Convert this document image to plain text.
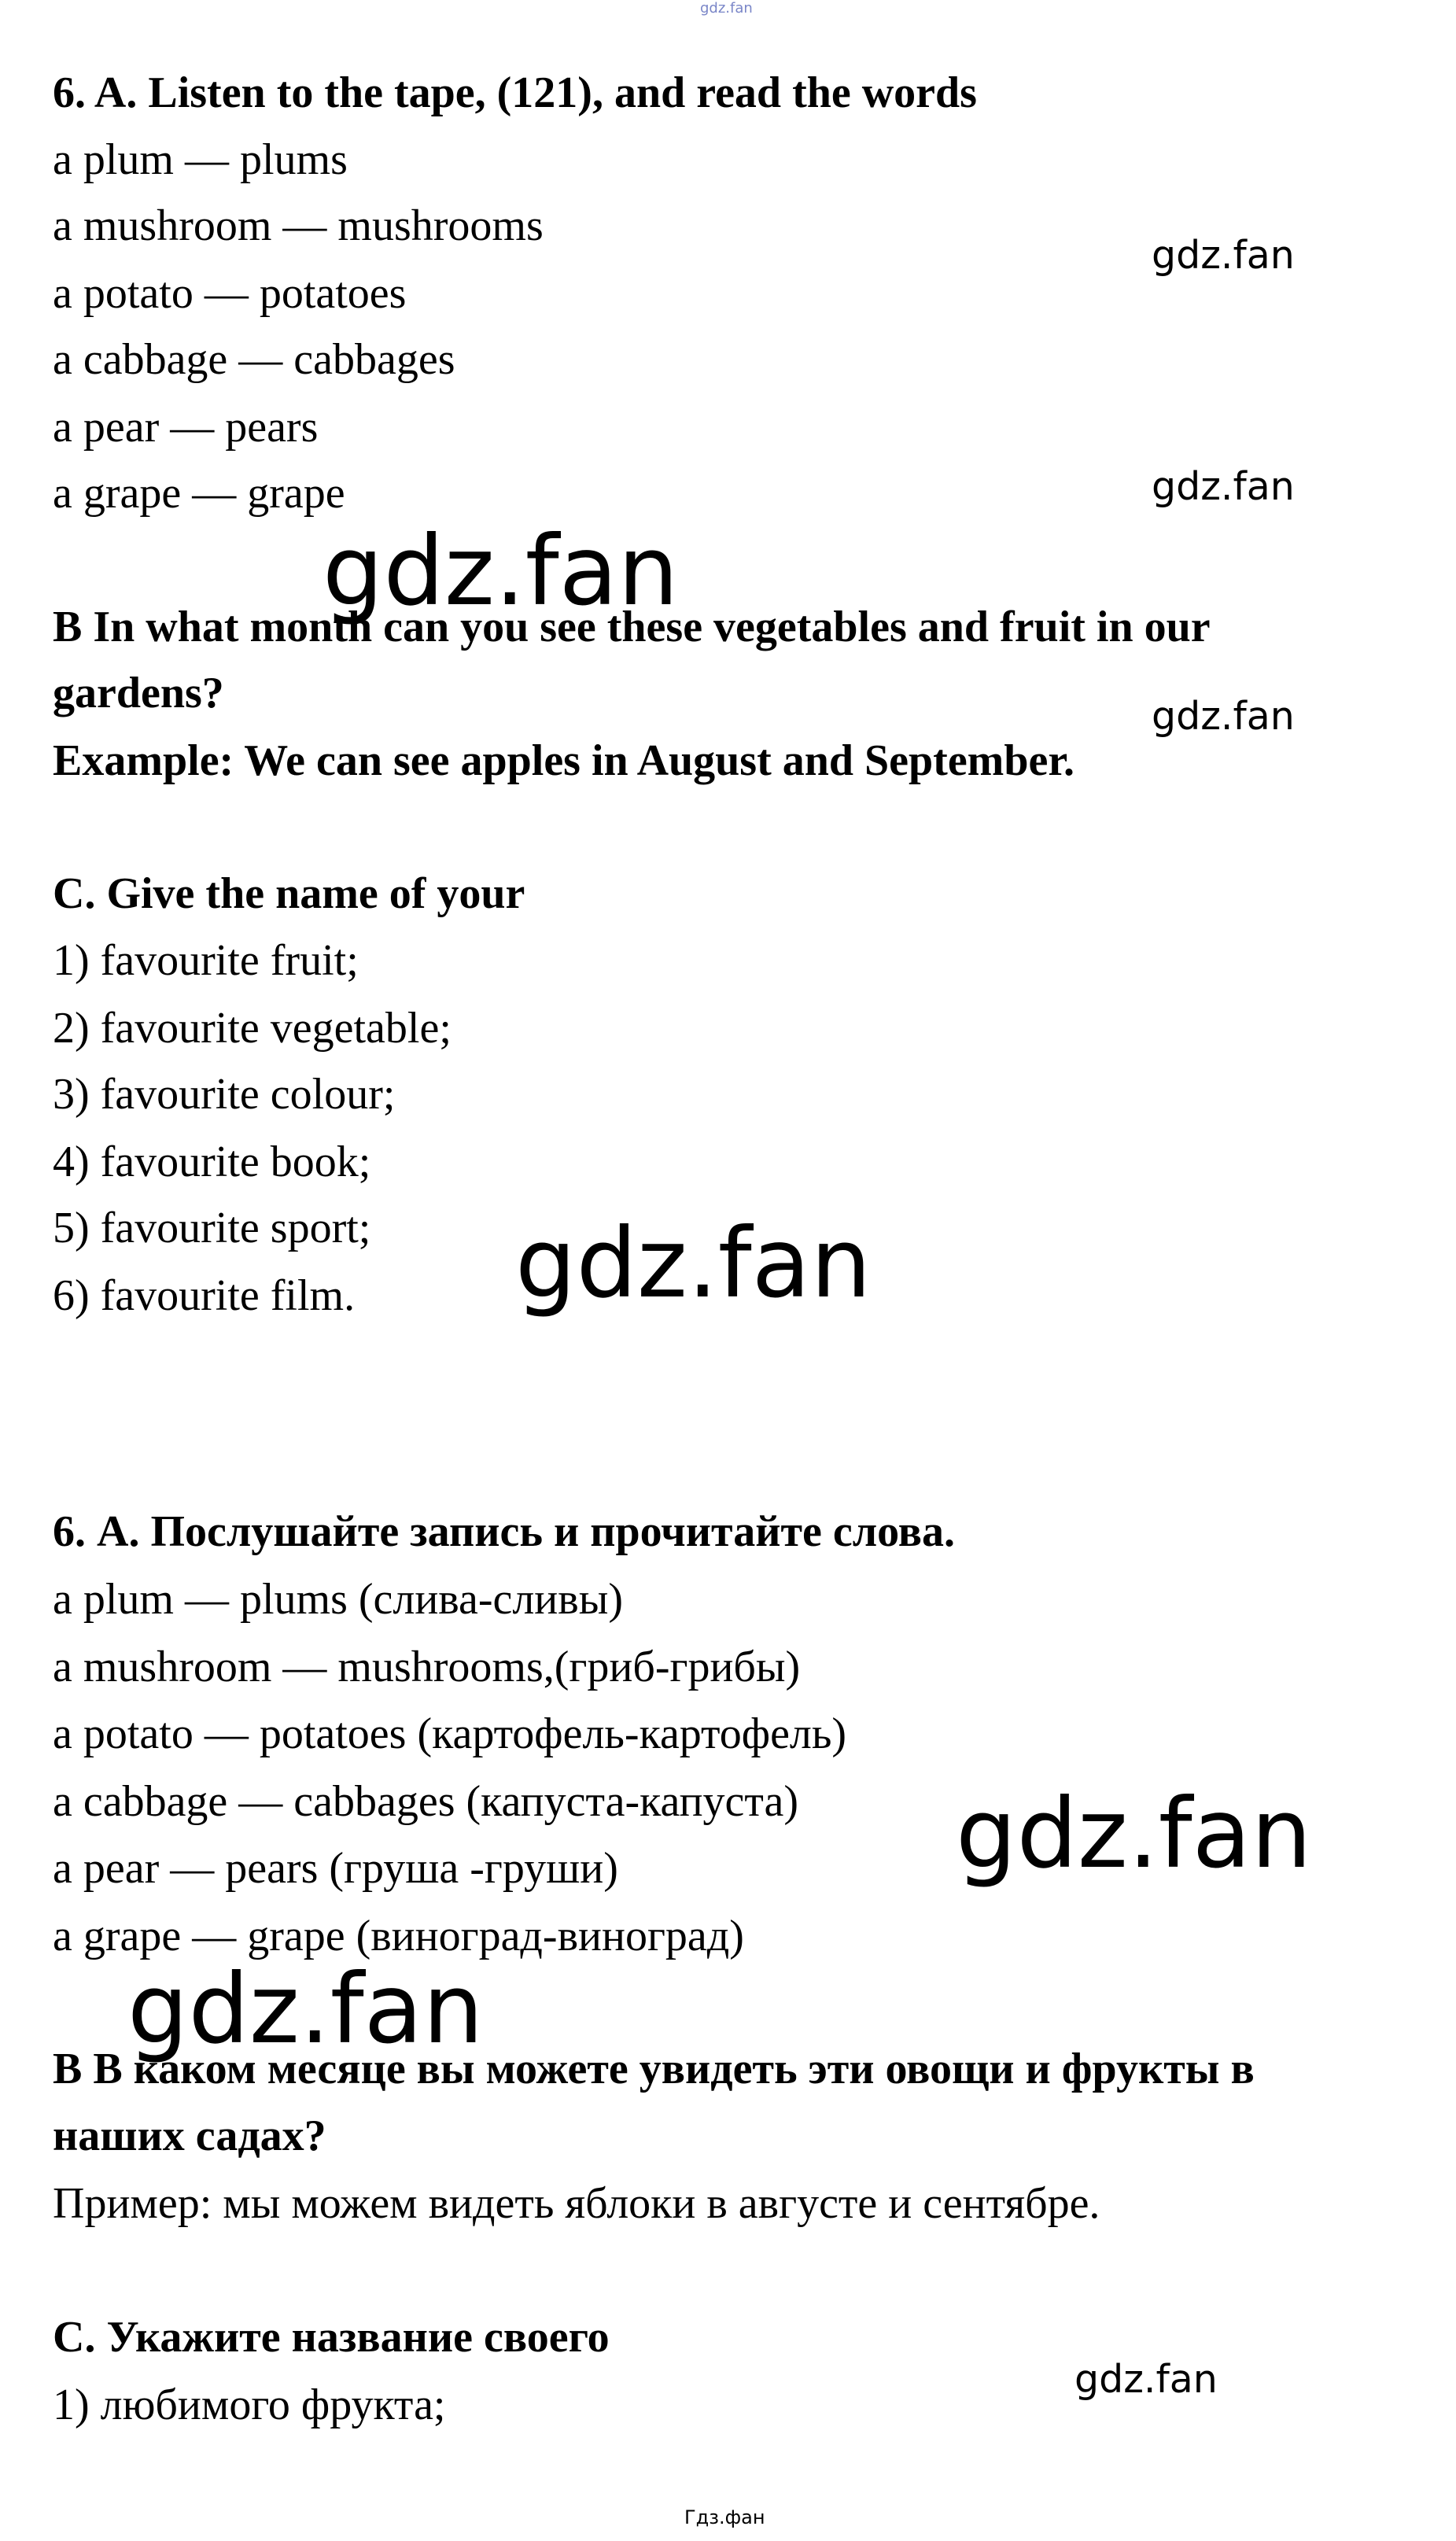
gdz.fan
6. A. Listen to the tape, (121), and read the words
a plum — plums
a mushroom — mushrooms
a potato — potatoes
a cabbage — cabbages
a pear — pears
a grape — grape
B In what month can you see these vegetables and fruit in our
gardens?
Example: We can see apples in August and September.
C. Give the name of your
1) favourite fruit;
2) favourite vegetable;
3) favourite colour;
4) favourite book;
5) favourite sport;
6) favourite film.
6. А. Послушайте запись и прочитайте слова.
a plum — plums (слива-сливы)
a mushroom — mushrooms,(гриб-грибы)
a potato — potatoes (картофель-картофель)
a cabbage — cabbages (капуста-капуста)
a pear — pears (груша -груши)
a grape — grape (виноград-виноград)
B В каком месяце вы можете увидеть эти овощи и фрукты в
наших садах?
Пример: мы можем видеть яблоки в августе и сентябре.
C. Укажите название своего
1) любимого фрукта;
gdz.fan
gdz.fan
gdz.fan
gdz.fan
gdz.fan
gdz.fan
gdz.fan
gdz.fan
Гдз.фан
